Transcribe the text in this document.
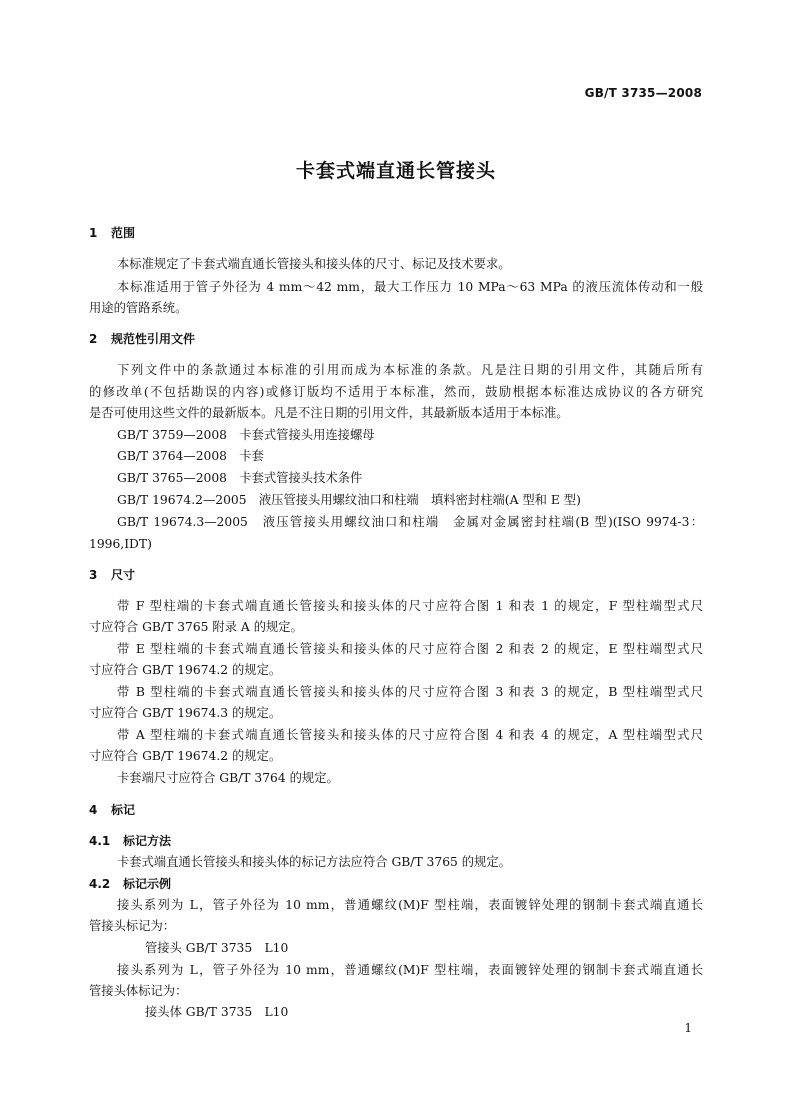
GB/T 3735—2008
卡套式端直通长管接头
1 范围
本标准规定了卡套式端直通长管接头和接头体的尺寸、标记及技术要求。
本标准适用于管子外径为 4 mm～42 mm，最大工作压力 10 MPa～63 MPa 的液压流体传动和一般
用途的管路系统。
2 规范性引用文件
下列文件中的条款通过本标准的引用而成为本标准的条款。凡是注日期的引用文件，其随后所有
的修改单(不包括勘误的内容)或修订版均不适用于本标准，然而，鼓励根据本标准达成协议的各方研究
是否可使用这些文件的最新版本。凡是不注日期的引用文件，其最新版本适用于本标准。
GB/T 3759—2008　卡套式管接头用连接螺母
GB/T 3764—2008　卡套
GB/T 3765—2008　卡套式管接头技术条件
GB/T 19674.2—2005　液压管接头用螺纹油口和柱端　填料密封柱端(A 型和 E 型)
GB/T 19674.3—2005　液压管接头用螺纹油口和柱端　金属对金属密封柱端(B 型)(ISO 9974-3：
1996,IDT)
3 尺寸
带 F 型柱端的卡套式端直通长管接头和接头体的尺寸应符合图 1 和表 1 的规定，F 型柱端型式尺
寸应符合 GB/T 3765 附录 A 的规定。
带 E 型柱端的卡套式端直通长管接头和接头体的尺寸应符合图 2 和表 2 的规定，E 型柱端型式尺
寸应符合 GB/T 19674.2 的规定。
带 B 型柱端的卡套式端直通长管接头和接头体的尺寸应符合图 3 和表 3 的规定，B 型柱端型式尺
寸应符合 GB/T 19674.3 的规定。
带 A 型柱端的卡套式端直通长管接头和接头体的尺寸应符合图 4 和表 4 的规定，A 型柱端型式尺
寸应符合 GB/T 19674.2 的规定。
卡套端尺寸应符合 GB/T 3764 的规定。
4 标记
4.1 标记方法
卡套式端直通长管接头和接头体的标记方法应符合 GB/T 3765 的规定。
4.2 标记示例
接头系列为 L，管子外径为 10 mm，普通螺纹(M)F 型柱端，表面镀锌处理的钢制卡套式端直通长
管接头标记为：
管接头 GB/T 3735　L10
接头系列为 L，管子外径为 10 mm，普通螺纹(M)F 型柱端，表面镀锌处理的钢制卡套式端直通长
管接头体标记为：
接头体 GB/T 3735　L10
1
